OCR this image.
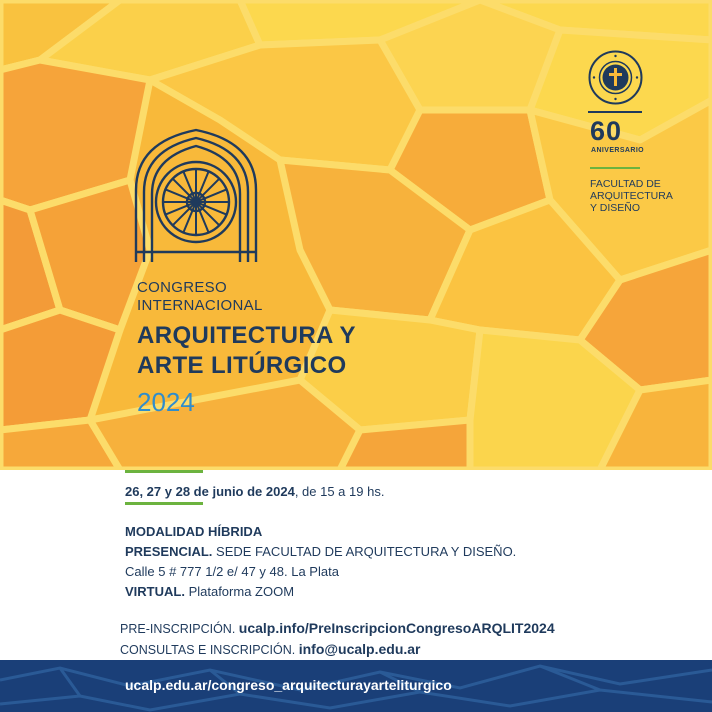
CONGRESO
INTERNACIONAL
ARQUITECTURA Y
ARTE LITÚRGICO
2024
60
ANIVERSARIO
FACULTAD DE
ARQUITECTURA
Y DISEÑO
26, 27 y 28 de junio de 2024, de 15 a 19 hs.
MODALIDAD HÍBRIDA
PRESENCIAL. SEDE FACULTAD DE ARQUITECTURA Y DISEÑO.
Calle 5 # 777 1/2 e/ 47 y 48. La Plata
VIRTUAL. Plataforma ZOOM
PRE-INSCRIPCIÓN. ucalp.info/PreInscripcionCongresoARQLIT2024
CONSULTAS E INSCRIPCIÓN. info@ucalp.edu.ar
ucalp.edu.ar/congreso_arquitecturayarteliturgico
